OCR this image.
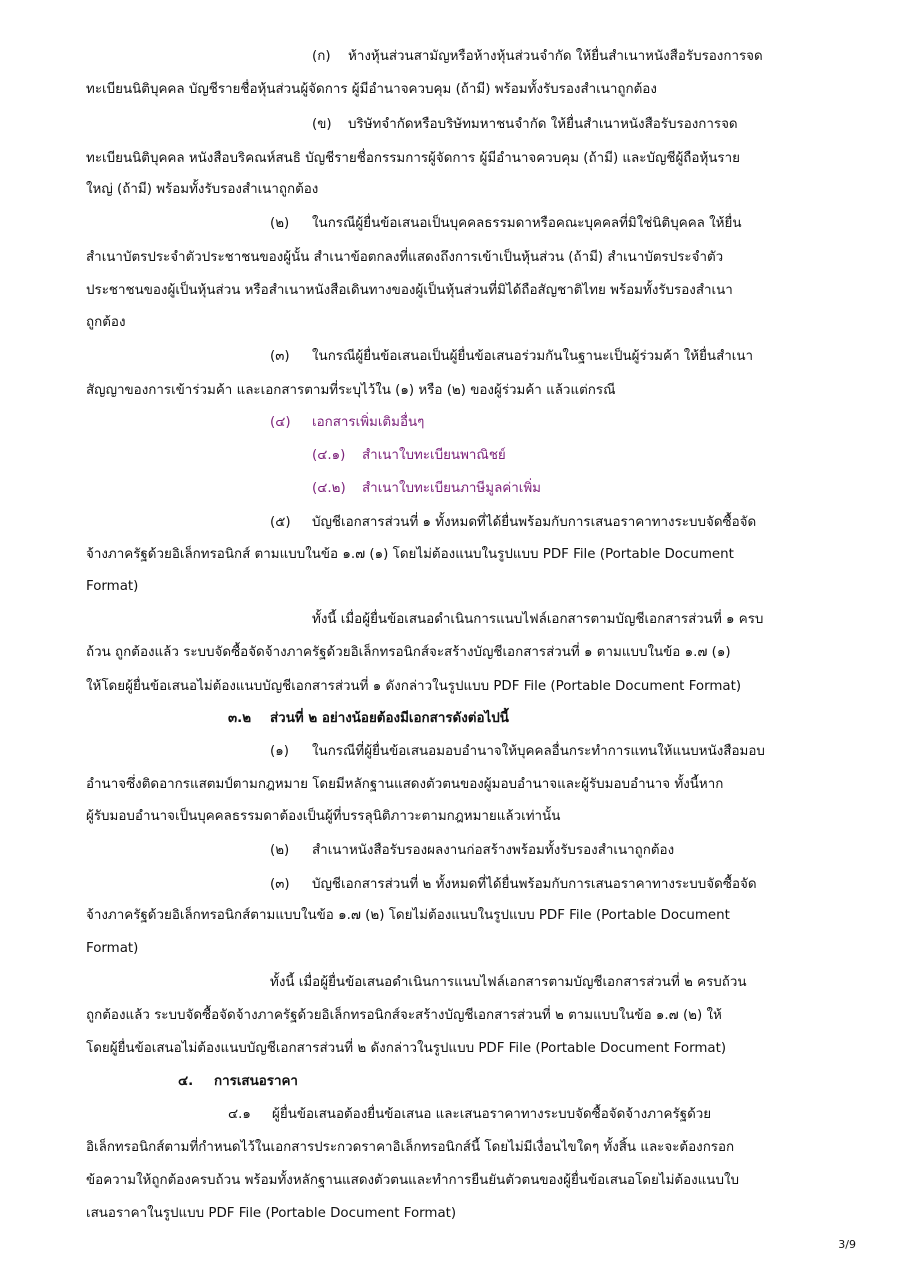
(ก) ห้างหุ้นส่วนสามัญหรือห้างหุ้นส่วนจำกัด ให้ยื่นสำเนาหนังสือรับรองการจด
ทะเบียนนิติบุคคล บัญชีรายชื่อหุ้นส่วนผู้จัดการ ผู้มีอำนาจควบคุม (ถ้ามี) พร้อมทั้งรับรองสำเนาถูกต้อง
(ข) บริษัทจำกัดหรือบริษัทมหาชนจำกัด ให้ยื่นสำเนาหนังสือรับรองการจด
ทะเบียนนิติบุคคล หนังสือบริคณห์สนธิ บัญชีรายชื่อกรรมการผู้จัดการ ผู้มีอำนาจควบคุม (ถ้ามี) และบัญชีผู้ถือหุ้นราย
ใหญ่ (ถ้ามี) พร้อมทั้งรับรองสำเนาถูกต้อง
(๒) ในกรณีผู้ยื่นข้อเสนอเป็นบุคคลธรรมดาหรือคณะบุคคลที่มิใช่นิติบุคคล ให้ยื่น
สำเนาบัตรประจำตัวประชาชนของผู้นั้น สำเนาข้อตกลงที่แสดงถึงการเข้าเป็นหุ้นส่วน (ถ้ามี) สำเนาบัตรประจำตัว
ประชาชนของผู้เป็นหุ้นส่วน หรือสำเนาหนังสือเดินทางของผู้เป็นหุ้นส่วนที่มิได้ถือสัญชาติไทย พร้อมทั้งรับรองสำเนา
ถูกต้อง
(๓) ในกรณีผู้ยื่นข้อเสนอเป็นผู้ยื่นข้อเสนอร่วมกันในฐานะเป็นผู้ร่วมค้า ให้ยื่นสำเนา
สัญญาของการเข้าร่วมค้า และเอกสารตามที่ระบุไว้ใน (๑) หรือ (๒) ของผู้ร่วมค้า แล้วแต่กรณี
(๔) เอกสารเพิ่มเติมอื่นๆ
(๔.๑) สำเนาใบทะเบียนพาณิชย์
(๔.๒) สำเนาใบทะเบียนภาษีมูลค่าเพิ่ม
(๕) บัญชีเอกสารส่วนที่ ๑ ทั้งหมดที่ได้ยื่นพร้อมกับการเสนอราคาทางระบบจัดซื้อจัด
จ้างภาครัฐด้วยอิเล็กทรอนิกส์ ตามแบบในข้อ ๑.๗ (๑) โดยไม่ต้องแนบในรูปแบบ PDF File (Portable Document
Format)
ทั้งนี้ เมื่อผู้ยื่นข้อเสนอดำเนินการแนบไฟล์เอกสารตามบัญชีเอกสารส่วนที่ ๑ ครบ
ถ้วน ถูกต้องแล้ว ระบบจัดซื้อจัดจ้างภาครัฐด้วยอิเล็กทรอนิกส์จะสร้างบัญชีเอกสารส่วนที่ ๑ ตามแบบในข้อ ๑.๗ (๑)
ให้โดยผู้ยื่นข้อเสนอไม่ต้องแนบบัญชีเอกสารส่วนที่ ๑ ดังกล่าวในรูปแบบ PDF File (Portable Document Format)
๓.๒ ส่วนที่ ๒ อย่างน้อยต้องมีเอกสารดังต่อไปนี้
(๑) ในกรณีที่ผู้ยื่นข้อเสนอมอบอำนาจให้บุคคลอื่นกระทำการแทนให้แนบหนังสือมอบ
อำนาจซึ่งติดอากรแสตมป์ตามกฎหมาย โดยมีหลักฐานแสดงตัวตนของผู้มอบอำนาจและผู้รับมอบอำนาจ ทั้งนี้หาก
ผู้รับมอบอำนาจเป็นบุคคลธรรมดาต้องเป็นผู้ที่บรรลุนิติภาวะตามกฎหมายแล้วเท่านั้น
(๒) สำเนาหนังสือรับรองผลงานก่อสร้างพร้อมทั้งรับรองสำเนาถูกต้อง
(๓) บัญชีเอกสารส่วนที่ ๒ ทั้งหมดที่ได้ยื่นพร้อมกับการเสนอราคาทางระบบจัดซื้อจัด
จ้างภาครัฐด้วยอิเล็กทรอนิกส์ตามแบบในข้อ ๑.๗ (๒) โดยไม่ต้องแนบในรูปแบบ PDF File (Portable Document
Format)
ทั้งนี้ เมื่อผู้ยื่นข้อเสนอดำเนินการแนบไฟล์เอกสารตามบัญชีเอกสารส่วนที่ ๒ ครบถ้วน
ถูกต้องแล้ว ระบบจัดซื้อจัดจ้างภาครัฐด้วยอิเล็กทรอนิกส์จะสร้างบัญชีเอกสารส่วนที่ ๒ ตามแบบในข้อ ๑.๗ (๒) ให้
โดยผู้ยื่นข้อเสนอไม่ต้องแนบบัญชีเอกสารส่วนที่ ๒ ดังกล่าวในรูปแบบ PDF File (Portable Document Format)
๔. การเสนอราคา
๔.๑ ผู้ยื่นข้อเสนอต้องยื่นข้อเสนอ และเสนอราคาทางระบบจัดซื้อจัดจ้างภาครัฐด้วย
อิเล็กทรอนิกส์ตามที่กำหนดไว้ในเอกสารประกวดราคาอิเล็กทรอนิกส์นี้ โดยไม่มีเงื่อนไขใดๆ ทั้งสิ้น และจะต้องกรอก
ข้อความให้ถูกต้องครบถ้วน พร้อมทั้งหลักฐานแสดงตัวตนและทำการยืนยันตัวตนของผู้ยื่นข้อเสนอโดยไม่ต้องแนบใบ
เสนอราคาในรูปแบบ PDF File (Portable Document Format)
3/9
